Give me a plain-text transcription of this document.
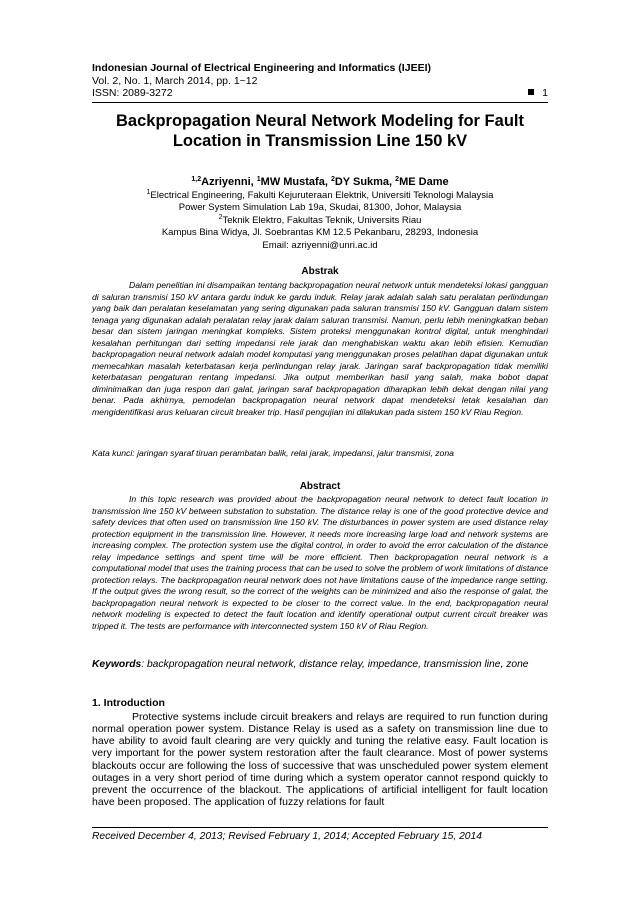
Indonesian Journal of Electrical Engineering and Informatics (IJEEI)
Vol. 2, No. 1, March 2014, pp. 1~12
ISSN: 2089-3272	1
Backpropagation Neural Network Modeling for Fault Location in Transmission Line 150 kV
$^{1,2}$Azriyenni, $^1$MW Mustafa, $^2$DY Sukma, $^2$ME Dame
$^1$Electrical Engineering, Fakulti Kejuruteraan Elektrik, Universiti Teknologi Malaysia
Power System Simulation Lab 19a, Skudai, 81300, Johor, Malaysia
$^2$Teknik Elektro, Fakultas Teknik, Universits Riau
Kampus Bina Widya, Jl. Soebrantas KM 12.5 Pekanbaru, 28293, Indonesia
Email: azriyenni@unri.ac.id
Abstrak
Dalam penelitian ini disampaikan tentang backpropagation neural network untuk mendeteksi lokasi gangguan di saluran transmisi 150 kV antara gardu induk ke gardu induk. Relay jarak adalah salah satu peralatan perlindungan yang baik dan peralatan keselamatan yang sering digunakan pada saluran transmisi 150 kV. Gangguan dalam sistem tenaga yang digunakan adalah peralatan relay jarak dalam saluran transmisi. Namun, perlu lebih meningkatkan beban besar dan sistem jaringan meningkat kompleks. Sistem proteksi menggunakan kontrol digital, untuk menghindari kesalahan perhitungan dari setting impedansi rele jarak dan menghabiskan waktu akan lebih efisien. Kemudian backpropagation neural network adalah model komputasi yang menggunakan proses pelatihan dapat digunakan untuk memecahkan masalah keterbatasan kerja perlindungan relay jarak. Jaringan saraf backpropagation tidak memiliki keterbatasan pengaturan rentang impedansi. Jika output memberikan hasil yang salah, maka bobot dapat diminimalkan dan juga respon dari galat, jaringan saraf backpropagation diharapkan lebih dekat dengan nilai yang benar. Pada akhirnya, pemodelan backpropagation neural network dapat mendeteksi letak kesalahan dan mengidentifikasi arus keluaran circuit breaker trip. Hasil pengujian ini dilakukan pada sistem 150 kV Riau Region.
Kata kunci: jaringan syaraf tiruan perambatan balik, relai jarak, impedansi, jalur transmisi, zona
Abstract
In this topic research was provided about the backpropagation neural network to detect fault location in transmission line 150 kV between substation to substation. The distance relay is one of the good protective device and safety devices that often used on transmission line 150 kV. The disturbances in power system are used distance relay protection equipment in the transmission line. However, it needs more increasing large load and network systems are increasing complex. The protection system use the digital control, in order to avoid the error calculation of the distance relay impedance settings and spent time will be more efficient. Then backpropagation neural network is a computational model that uses the training process that can be used to solve the problem of work limitations of distance protection relays. The backpropagation neural network does not have limitations cause of the impedance range setting. If the output gives the wrong result, so the correct of the weights can be minimized and also the response of galat, the backpropagation neural network is expected to be closer to the correct value. In the end, backpropagation neural network modeling is expected to detect the fault location and identify operational output current circuit breaker was tripped it. The tests are performance with interconnected system 150 kV of Riau Region.
Keywords: backpropagation neural network, distance relay, impedance, transmission line, zone
1. Introduction
Protective systems include circuit breakers and relays are required to run function during normal operation power system. Distance Relay is used as a safety on transmission line due to have ability to avoid fault clearing are very quickly and tuning the relative easy. Fault location is very important for the power system restoration after the fault clearance. Most of power systems blackouts occur are following the loss of successive that was unscheduled power system element outages in a very short period of time during which a system operator cannot respond quickly to prevent the occurrence of the blackout. The applications of artificial intelligent for fault location have been proposed. The application of fuzzy relations for fault
Received December 4, 2013; Revised February 1, 2014; Accepted February 15, 2014
